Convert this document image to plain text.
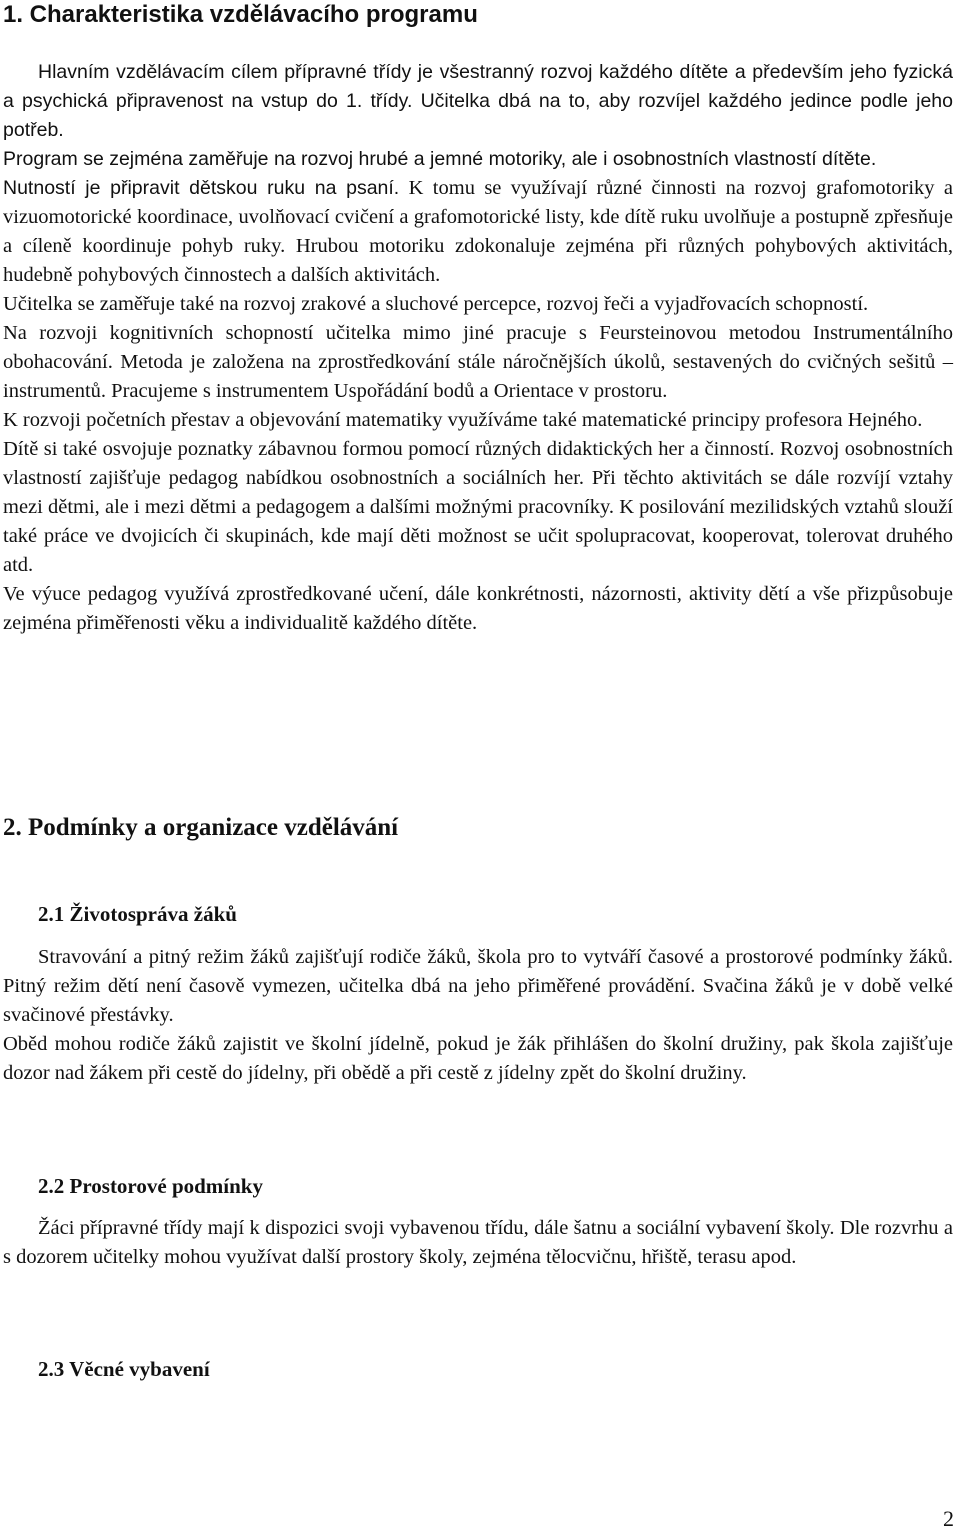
1. Charakteristika vzdělávacího programu

Hlavním vzdělávacím cílem přípravné třídy je všestranný rozvoj každého dítěte a především jeho fyzická a psychická připravenost na vstup do 1. třídy. Učitelka dbá na to, aby rozvíjel každého jedince podle jeho potřeb.

Program se zejména zaměřuje na rozvoj hrubé a jemné motoriky, ale i osobnostních vlastností dítěte.

Nutností je připravit dětskou ruku na psaní. K tomu se využívají různé činnosti na rozvoj grafomotoriky a vizuomotorické koordinace, uvolňovací cvičení a grafomotorické listy, kde dítě ruku uvolňuje a postupně zpřesňuje a cíleně koordinuje pohyb ruky. Hrubou motoriku zdokonaluje zejména při různých pohybových aktivitách, hudebně pohybových činnostech a dalších aktivitách.

Učitelka se zaměřuje také na rozvoj zrakové a sluchové percepce, rozvoj řeči a vyjadřovacích schopností.

Na rozvoji kognitivních schopností učitelka mimo jiné pracuje s Feursteinovou metodou Instrumentálního obohacování. Metoda je založena na zprostředkování stále náročnějších úkolů, sestavených do cvičných sešitů – instrumentů. Pracujeme s instrumentem Uspořádání bodů a Orientace v prostoru.

K rozvoji početních přestav a objevování matematiky využíváme také matematické principy profesora Hejného.

Dítě si také osvojuje poznatky zábavnou formou pomocí různých didaktických her a činností. Rozvoj osobnostních vlastností zajišťuje pedagog nabídkou osobnostních a sociálních her. Při těchto aktivitách se dále rozvíjí vztahy mezi dětmi, ale i mezi dětmi a pedagogem a dalšími možnými pracovníky. K posilování mezilidských vztahů slouží také práce ve dvojicích či skupinách, kde mají děti možnost se učit spolupracovat, kooperovat, tolerovat druhého atd.

Ve výuce pedagog využívá zprostředkované učení, dále konkrétnosti, názornosti, aktivity dětí a vše přizpůsobuje zejména přiměřenosti věku a individualitě každého dítěte.

2. Podmínky a organizace vzdělávání
2.1 Životospráva žáků

Stravování a pitný režim žáků zajišťují rodiče žáků, škola pro to vytváří časové a prostorové podmínky žáků. Pitný režim dětí není časově vymezen, učitelka dbá na jeho přiměřené provádění. Svačina žáků je v době velké svačinové přestávky.

Oběd mohou rodiče žáků zajistit ve školní jídelně, pokud je žák přihlášen do školní družiny, pak škola zajišťuje dozor nad žákem při cestě do jídelny, při obědě a při cestě z jídelny zpět do školní družiny.

2.2 Prostorové podmínky

Žáci přípravné třídy mají k dispozici svoji vybavenou třídu, dále šatnu a sociální vybavení školy. Dle rozvrhu a s dozorem učitelky mohou využívat další prostory školy, zejména tělocvičnu, hřiště, terasu apod.

2.3 Věcné vybavení
2
